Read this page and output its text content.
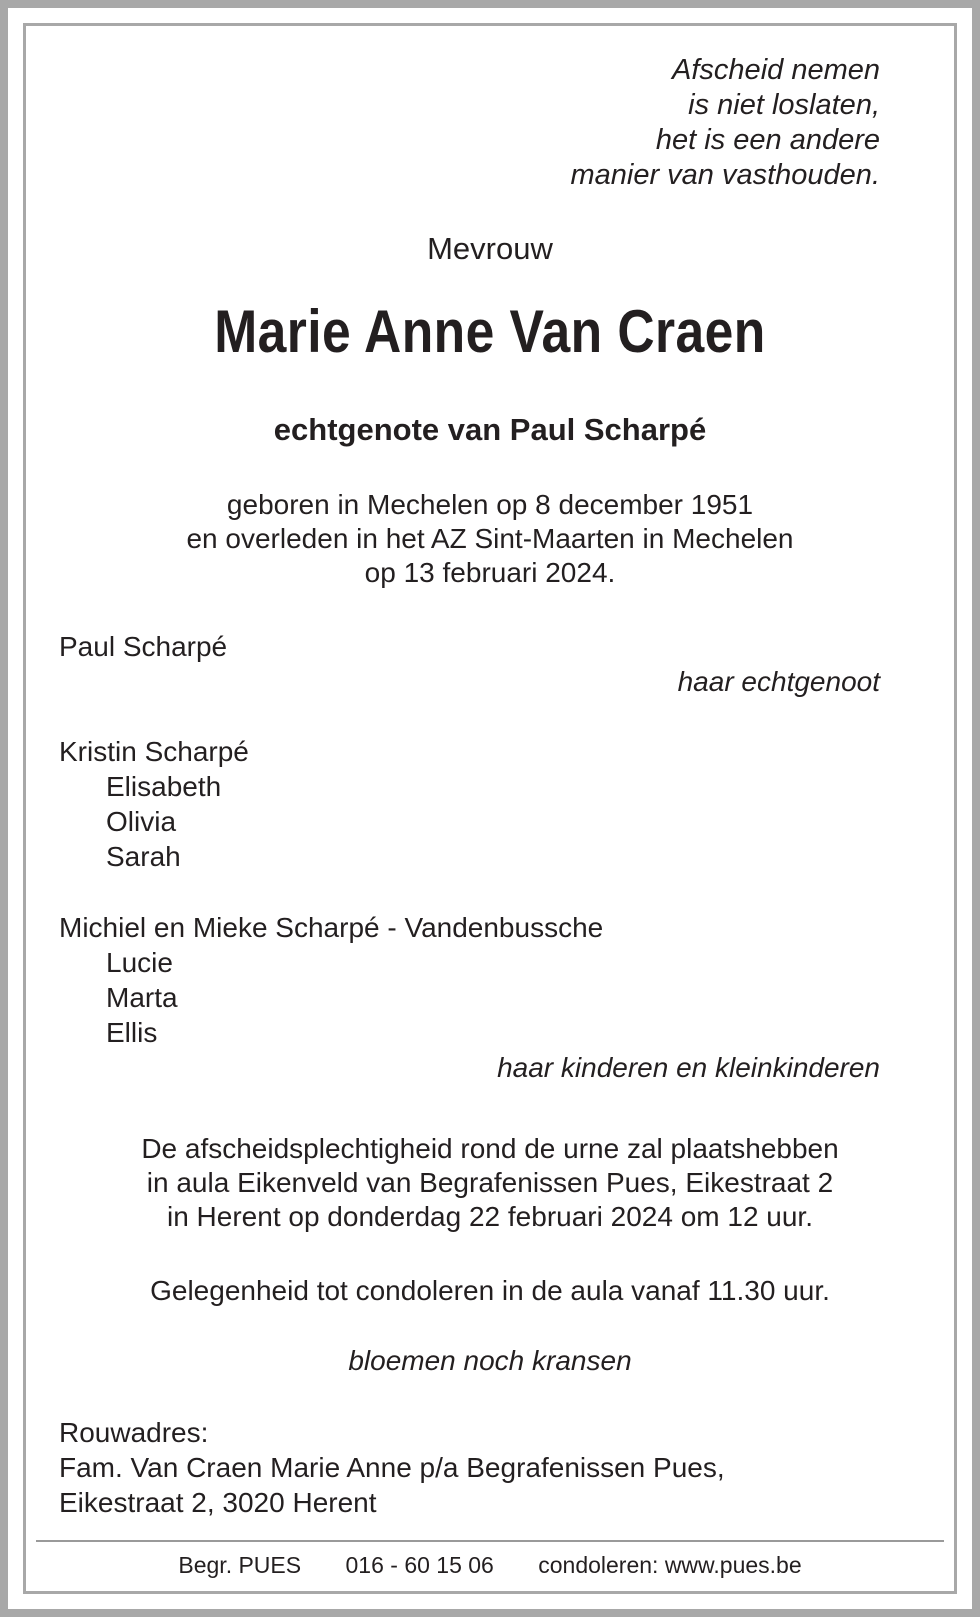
Afscheid nemen
is niet loslaten,
het is een andere
manier van vasthouden.
Mevrouw
Marie Anne Van Craen
echtgenote van Paul Scharpé
geboren in Mechelen op 8 december 1951
en overleden in het AZ Sint-Maarten in Mechelen
op 13 februari 2024.
Paul Scharpé
haar echtgenoot
Kristin Scharpé
Elisabeth
Olivia
Sarah
Michiel en Mieke Scharpé - Vandenbussche
Lucie
Marta
Ellis
haar kinderen en kleinkinderen
De afscheidsplechtigheid rond de urne zal plaatshebben
in aula Eikenveld van Begrafenissen Pues, Eikestraat 2
in Herent op donderdag 22 februari 2024 om 12 uur.
Gelegenheid tot condoleren in de aula vanaf 11.30 uur.
bloemen noch kransen
Rouwadres:
Fam. Van Craen Marie Anne p/a Begrafenissen Pues,
Eikestraat 2, 3020 Herent
Begr. PUES 016 - 60 15 06 condoleren: www.pues.be
